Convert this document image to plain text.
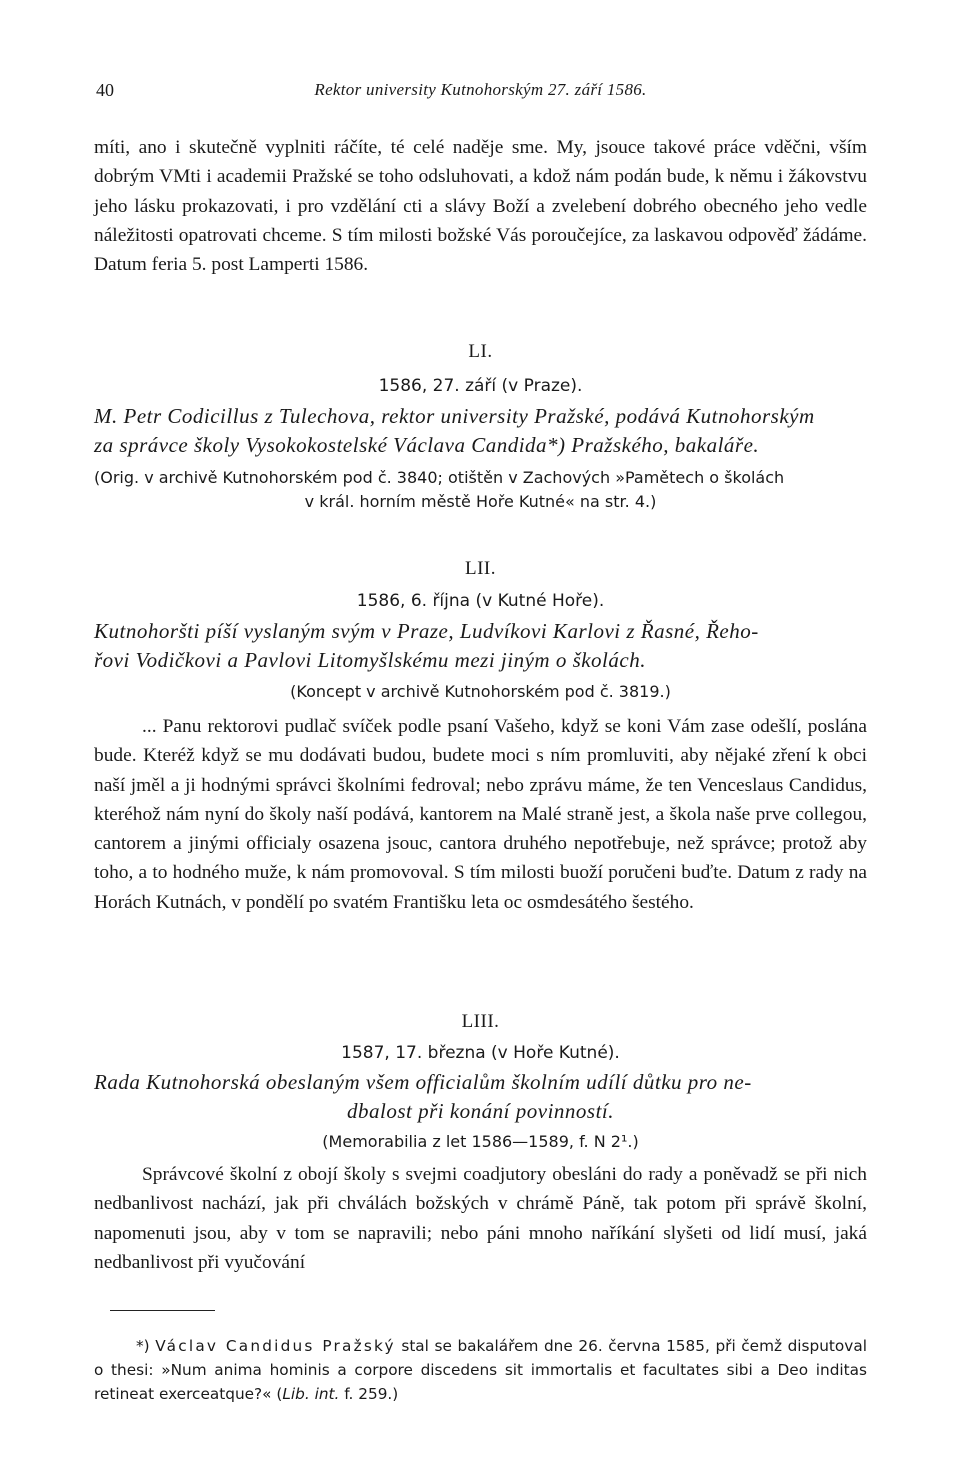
40	Rektor university Kutnohorským 27. září 1586.

míti, ano i skutečně vyplniti ráčíte, té celé naděje sme. My, jsouce takové práce vděčni, vším dobrým VMti i academii Pražské se toho odsluhovati, a kdož nám podán bude, k němu i žákovstvu jeho lásku prokazovati, i pro vzdělání cti a slávy Boží a zvelebení dobrého obecného jeho vedle náležitosti opatrovati chceme. S tím milosti božské Vás poroučejíce, za laskavou odpověď žádáme. Datum feria 5. post Lamperti 1586.

LI.
1586, 27. září (v Praze).
M. Petr Codicillus z Tulechova, rektor university Pražské, podává Kutnohorským
za správce školy Vysokokostelské Václava Candida*) Pražského, bakaláře.
(Orig. v archivě Kutnohorském pod č. 3840; otištěn v Zachových »Pamětech o školách
v král. horním městě Hoře Kutné« na str. 4.)
LII.
1586, 6. října (v Kutné Hoře).
Kutnohoršti píší vyslaným svým v Praze, Ludvíkovi Karlovi z Řasné, Řeho-
řovi Vodičkovi a Pavlovi Litomyšlskému mezi jiným o školách.
(Koncept v archivě Kutnohorském pod č. 3819.)

... Panu rektorovi pudlač svíček podle psaní Vašeho, když se koni Vám zase odešlí, poslána bude. Kteréž když se mu dodávati budou, budete moci s ním promluviti, aby nějaké zření k obci naší jměl a ji hodnými správci školními fedroval; nebo zprávu máme, že ten Venceslaus Candidus, kteréhož nám nyní do školy naší podává, kantorem na Malé straně jest, a škola naše prve collegou, cantorem a jinými officialy osazena jsouc, cantora druhého nepotřebuje, než správce; protož aby toho, a to hodného muže, k nám promovoval. S tím milosti buoží poručeni buďte. Datum z rady na Horách Kutnách, v pondělí po svatém Františku leta oc osmdesátého šestého.

LIII.
1587, 17. března (v Hoře Kutné).
Rada Kutnohorská obeslaným všem officialům školním udílí důtku pro ne-
dbalost při konání povinností.
(Memorabilia z let 1586—1589, f. N 2¹.)

Správcové školní z obojí školy s svejmi coadjutory obesláni do rady a poněvadž se při nich nedbanlivost nachází, jak při chválách božských v chrámě Páně, tak potom při správě školní, napomenuti jsou, aby v tom se napravili; nebo páni mnoho naříkání slyšeti od lidí musí, jaká nedbanlivost při vyučování

*) Václav Candidus Pražský stal se bakalářem dne 26. června 1585, při čemž disputoval o thesi: »Num anima hominis a corpore discedens sit immortalis et facultates sibi a Deo inditas retineat exerceatque?« (Lib. int. f. 259.)
